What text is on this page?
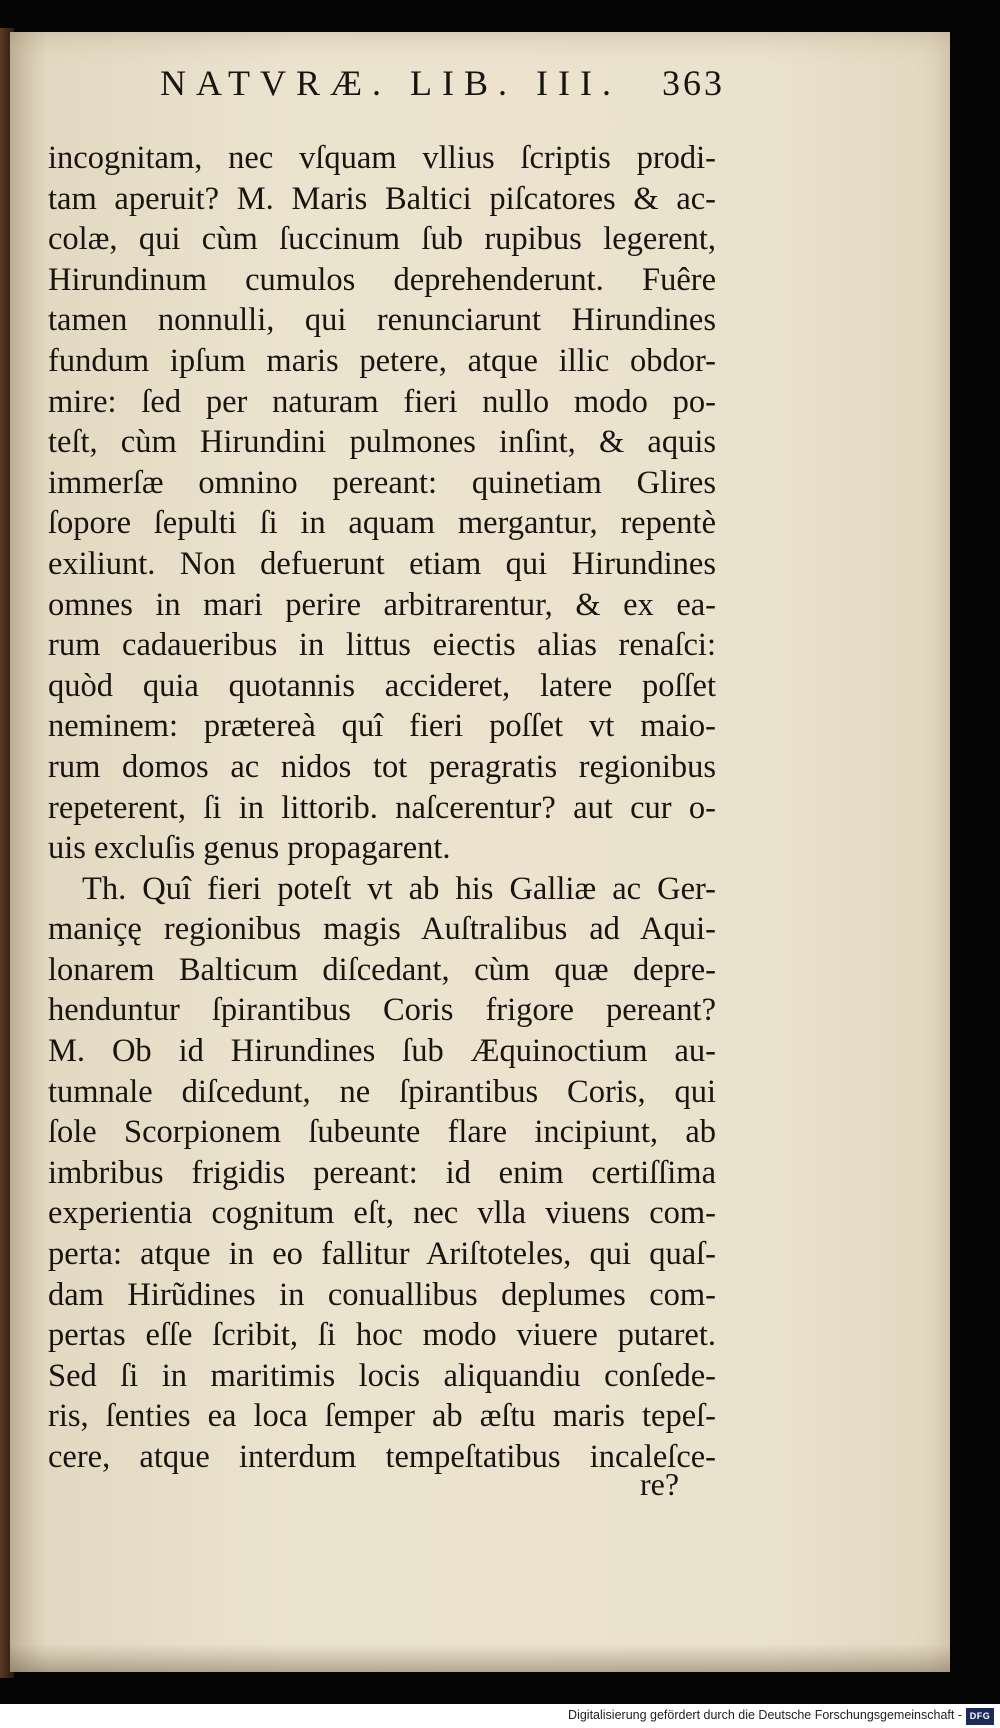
NATVRÆ. LIB. III.	363
incognitam, nec vſquam vllius ſcriptis prodi-
tam aperuit? M. Maris Baltici piſcatores & ac-
colæ, qui cùm ſuccinum ſub rupibus legerent,
Hirundinum cumulos deprehenderunt. Fuêre
tamen nonnulli, qui renunciarunt Hirundines
fundum ipſum maris petere, atque illic obdor-
mire: ſed per naturam fieri nullo modo po-
teſt, cùm Hirundini pulmones inſint, & aquis
immerſæ omnino pereant: quinetiam Glires
ſopore ſepulti ſi in aquam mergantur, repentè
exiliunt. Non defuerunt etiam qui Hirundines
omnes in mari perire arbitrarentur, & ex ea-
rum cadaueribus in littus eiectis alias renaſci:
quòd quia quotannis accideret, latere poſſet
neminem: prætereà quî fieri poſſet vt maio-
rum domos ac nidos tot peragratis regionibus
repeterent, ſi in littorib. naſcerentur? aut cur o-
uis excluſis genus propagarent.
Th. Quî fieri poteſt vt ab his Galliæ ac Ger-
maniçę regionibus magis Auſtralibus ad Aqui-
lonarem Balticum diſcedant, cùm quæ depre-
henduntur ſpirantibus Coris frigore pereant?
M. Ob id Hirundines ſub Æquinoctium au-
tumnale diſcedunt, ne ſpirantibus Coris, qui
ſole Scorpionem ſubeunte flare incipiunt, ab
imbribus frigidis pereant: id enim certiſſima
experientia cognitum eſt, nec vlla viuens com-
perta: atque in eo fallitur Ariſtoteles, qui quaſ-
dam Hirũdines in conuallibus deplumes com-
pertas eſſe ſcribit, ſi hoc modo viuere putaret.
Sed ſi in maritimis locis aliquandiu conſede-
ris, ſenties ea loca ſemper ab æſtu maris tepeſ-
cere, atque interdum tempeſtatibus incaleſce-
re?
Digitalisierung gefördert durch die Deutsche Forschungsgemeinschaft - DFG
